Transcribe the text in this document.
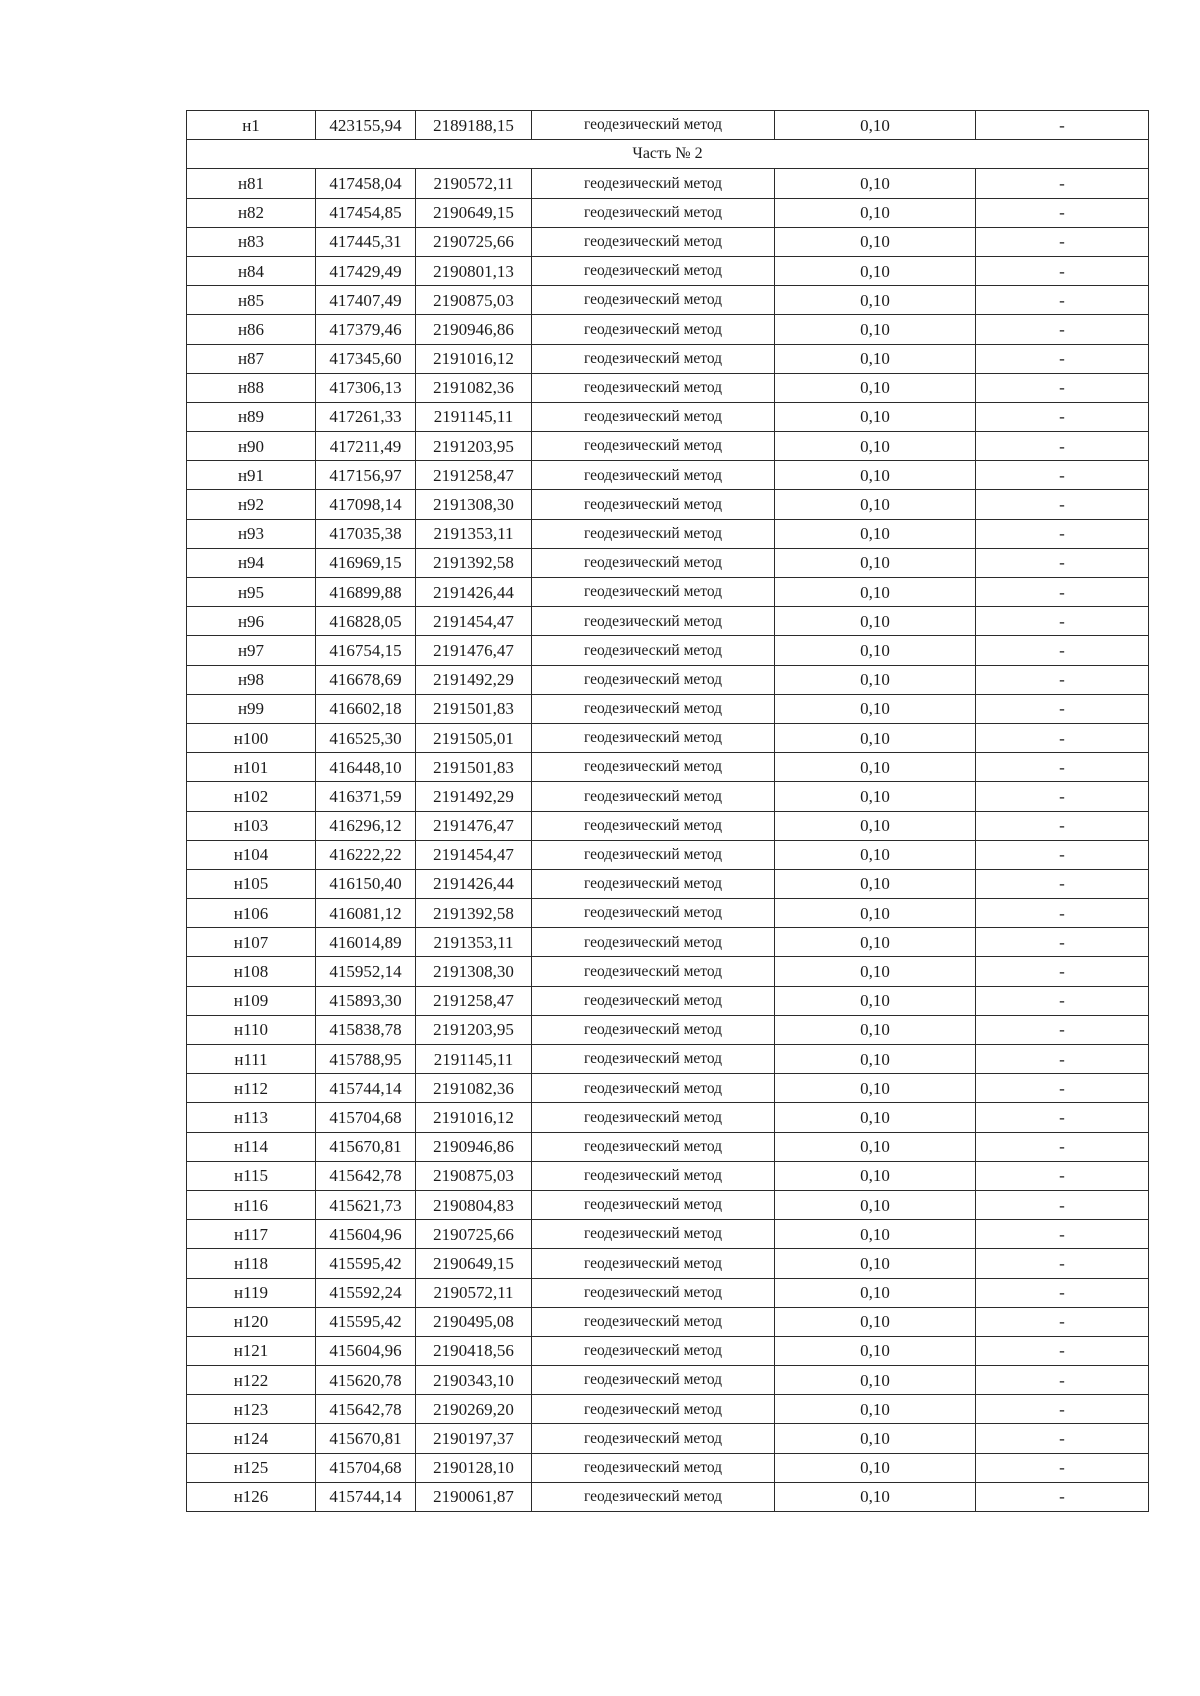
н1	423155,94	2189188,15	геодезический метод	0,10	-
Часть № 2					
н81	417458,04	2190572,11	геодезический метод	0,10	-
н82	417454,85	2190649,15	геодезический метод	0,10	-
н83	417445,31	2190725,66	геодезический метод	0,10	-
н84	417429,49	2190801,13	геодезический метод	0,10	-
н85	417407,49	2190875,03	геодезический метод	0,10	-
н86	417379,46	2190946,86	геодезический метод	0,10	-
н87	417345,60	2191016,12	геодезический метод	0,10	-
н88	417306,13	2191082,36	геодезический метод	0,10	-
н89	417261,33	2191145,11	геодезический метод	0,10	-
н90	417211,49	2191203,95	геодезический метод	0,10	-
н91	417156,97	2191258,47	геодезический метод	0,10	-
н92	417098,14	2191308,30	геодезический метод	0,10	-
н93	417035,38	2191353,11	геодезический метод	0,10	-
н94	416969,15	2191392,58	геодезический метод	0,10	-
н95	416899,88	2191426,44	геодезический метод	0,10	-
н96	416828,05	2191454,47	геодезический метод	0,10	-
н97	416754,15	2191476,47	геодезический метод	0,10	-
н98	416678,69	2191492,29	геодезический метод	0,10	-
н99	416602,18	2191501,83	геодезический метод	0,10	-
н100	416525,30	2191505,01	геодезический метод	0,10	-
н101	416448,10	2191501,83	геодезический метод	0,10	-
н102	416371,59	2191492,29	геодезический метод	0,10	-
н103	416296,12	2191476,47	геодезический метод	0,10	-
н104	416222,22	2191454,47	геодезический метод	0,10	-
н105	416150,40	2191426,44	геодезический метод	0,10	-
н106	416081,12	2191392,58	геодезический метод	0,10	-
н107	416014,89	2191353,11	геодезический метод	0,10	-
н108	415952,14	2191308,30	геодезический метод	0,10	-
н109	415893,30	2191258,47	геодезический метод	0,10	-
н110	415838,78	2191203,95	геодезический метод	0,10	-
н111	415788,95	2191145,11	геодезический метод	0,10	-
н112	415744,14	2191082,36	геодезический метод	0,10	-
н113	415704,68	2191016,12	геодезический метод	0,10	-
н114	415670,81	2190946,86	геодезический метод	0,10	-
н115	415642,78	2190875,03	геодезический метод	0,10	-
н116	415621,73	2190804,83	геодезический метод	0,10	-
н117	415604,96	2190725,66	геодезический метод	0,10	-
н118	415595,42	2190649,15	геодезический метод	0,10	-
н119	415592,24	2190572,11	геодезический метод	0,10	-
н120	415595,42	2190495,08	геодезический метод	0,10	-
н121	415604,96	2190418,56	геодезический метод	0,10	-
н122	415620,78	2190343,10	геодезический метод	0,10	-
н123	415642,78	2190269,20	геодезический метод	0,10	-
н124	415670,81	2190197,37	геодезический метод	0,10	-
н125	415704,68	2190128,10	геодезический метод	0,10	-
н126	415744,14	2190061,87	геодезический метод	0,10	-
